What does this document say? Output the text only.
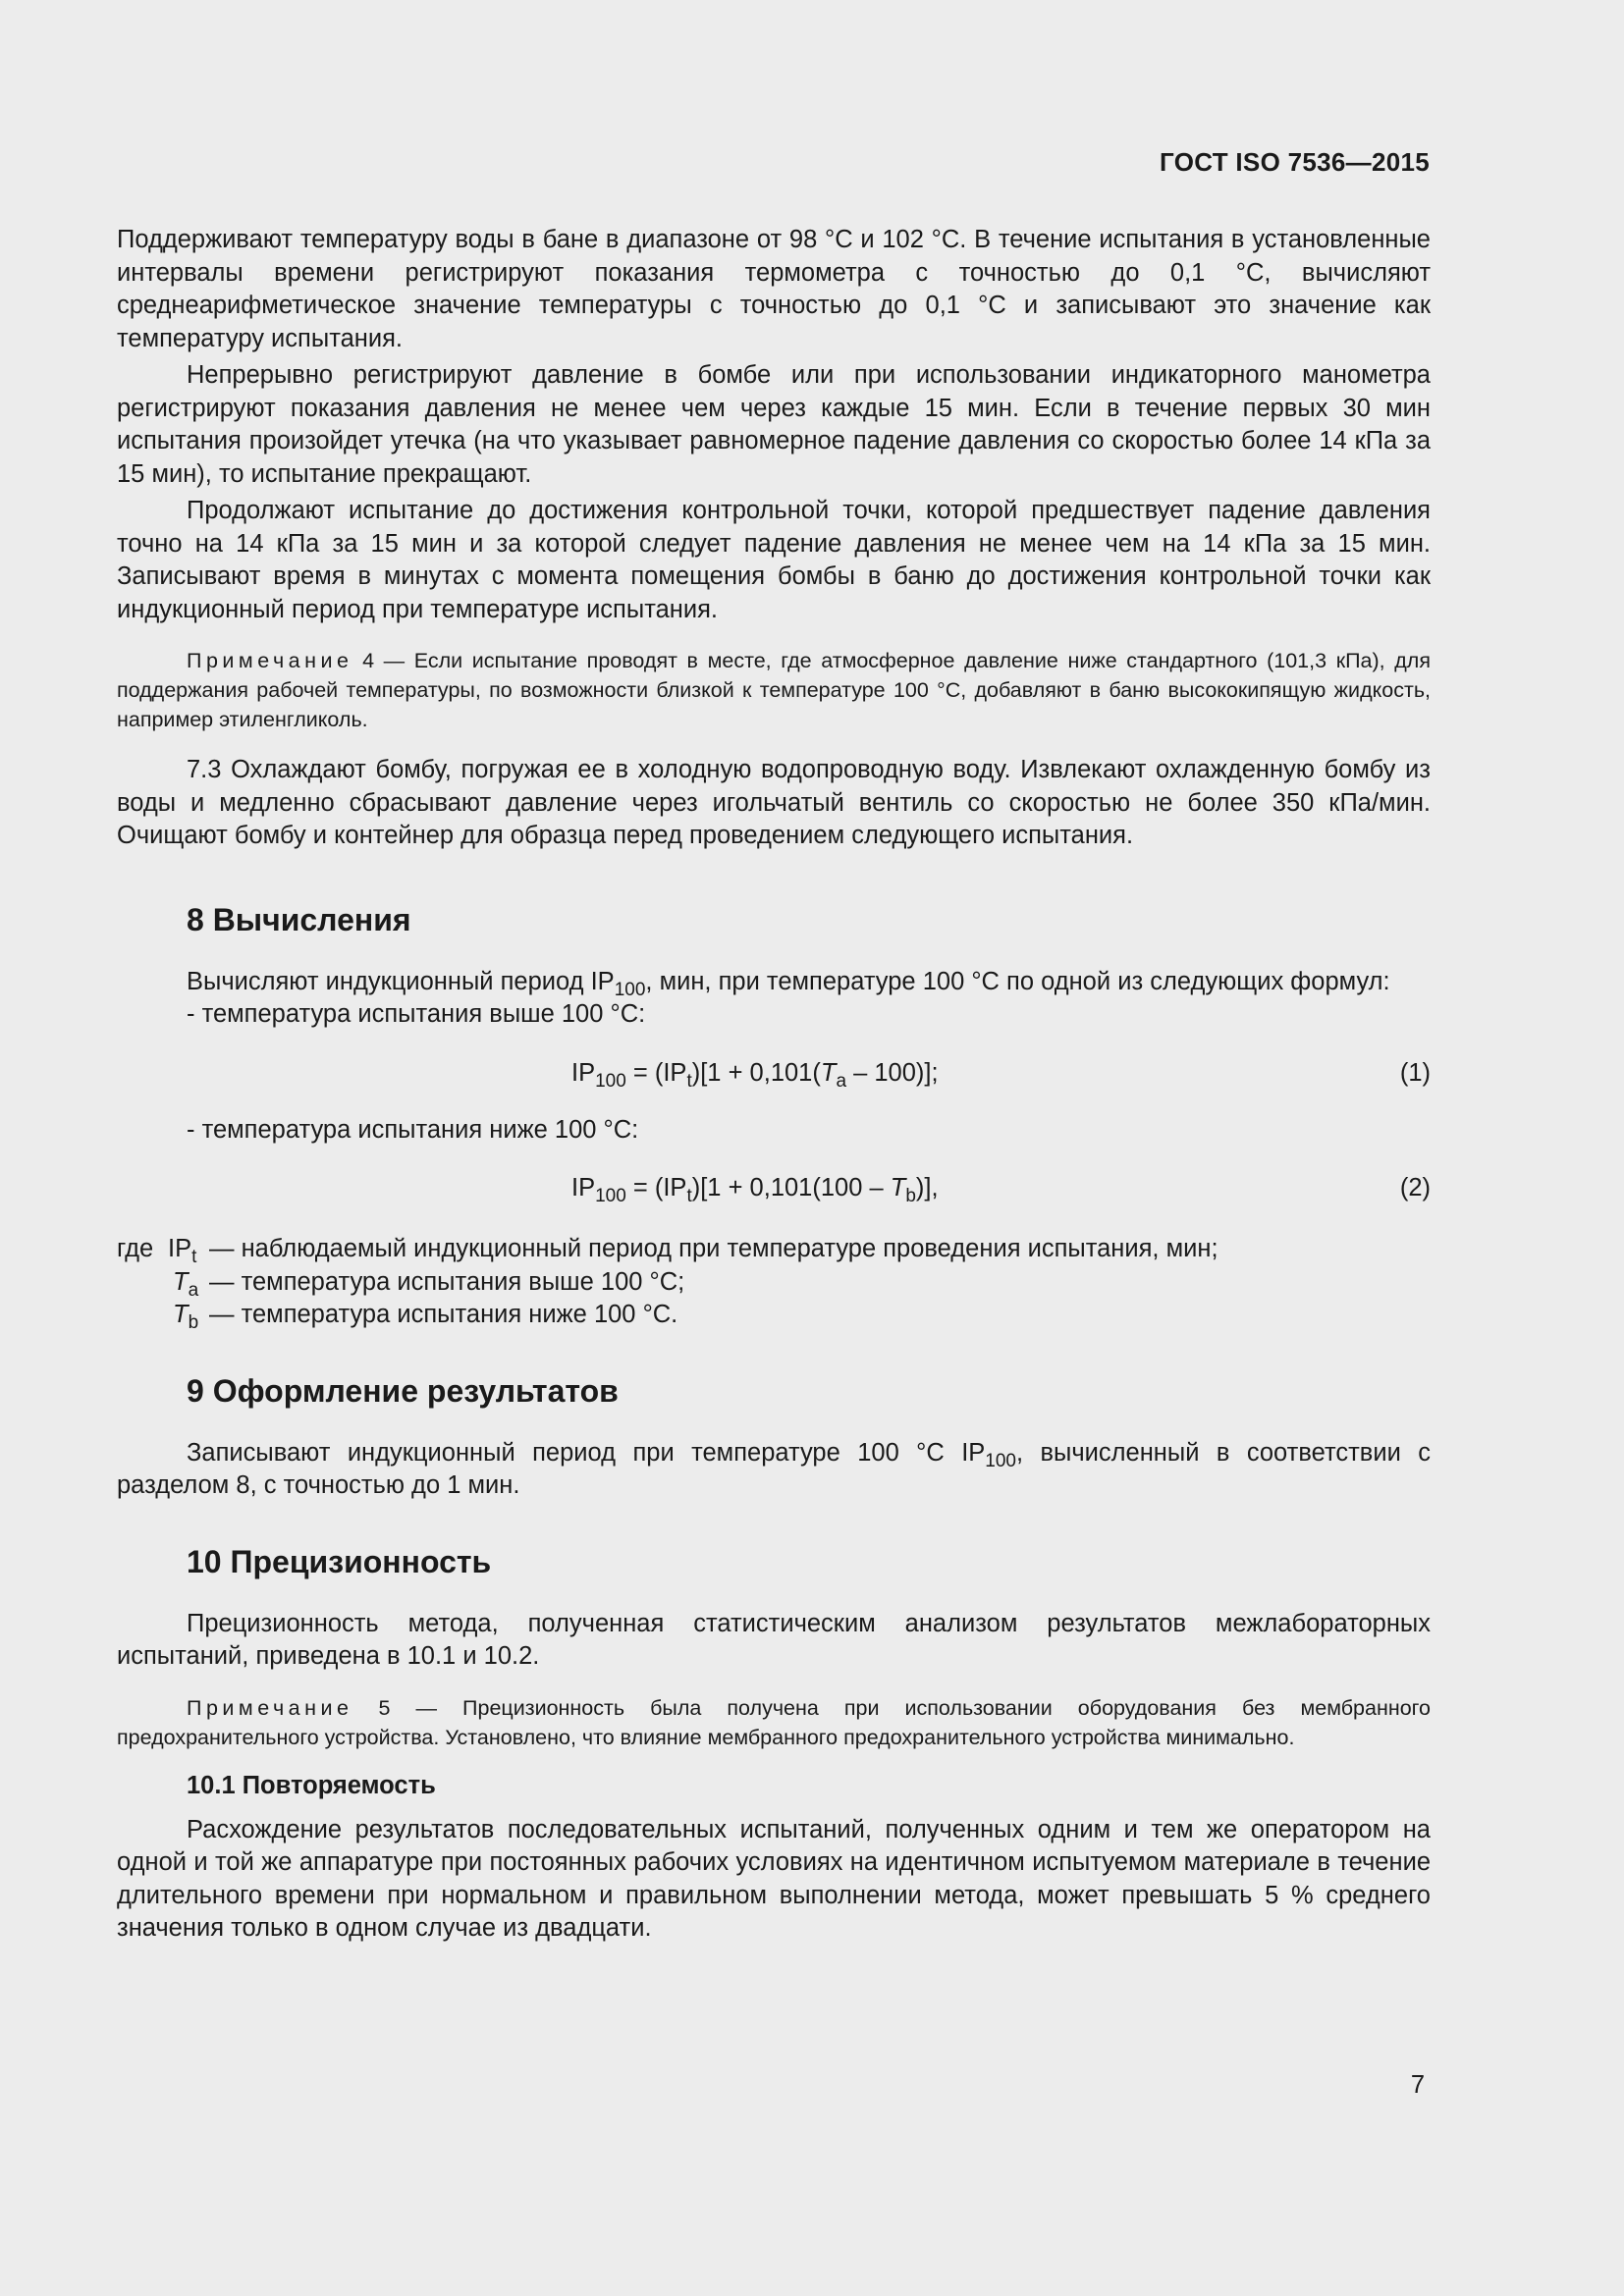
ГОСТ ISO 7536—2015

Поддерживают температуру воды в бане в диапазоне от 98 °С и 102 °С. В течение испытания в установленные интервалы времени регистрируют показания термометра с точностью до 0,1 °С, вычисляют среднеарифметическое значение температуры с точностью до 0,1 °С и записывают это значение как температуру испытания.

Непрерывно регистрируют давление в бомбе или при использовании индикаторного манометра регистрируют показания давления не менее чем через каждые 15 мин. Если в течение первых 30 мин испытания произойдет утечка (на что указывает равномерное падение давления со скоростью более 14 кПа за 15 мин), то испытание прекращают.

Продолжают испытание до достижения контрольной точки, которой предшествует падение давления точно на 14 кПа за 15 мин и за которой следует падение давления не менее чем на 14 кПа за 15 мин. Записывают время в минутах с момента помещения бомбы в баню до достижения контрольной точки как индукционный период при температуре испытания.

Примечание 4 — Если испытание проводят в месте, где атмосферное давление ниже стандартного (101,3 кПа), для поддержания рабочей температуры, по возможности близкой к температуре 100 °С, добавляют в баню высококипящую жидкость, например этиленгликоль.

7.3 Охлаждают бомбу, погружая ее в холодную водопроводную воду. Извлекают охлажденную бомбу из воды и медленно сбрасывают давление через игольчатый вентиль со скоростью не более 350 кПа/мин. Очищают бомбу и контейнер для образца перед проведением следующего испытания.

8 Вычисления

Вычисляют индукционный период $IP_{100}$, мин, при температуре 100 °С по одной из следующих формул:

- температура испытания выше 100 °С:
$IP_{100} = (IP_t)[1 + 0,101(T_a - 100)]$;	(1)
- температура испытания ниже 100 °С:
$IP_{100} = (IP_t)[1 + 0,101(100 - T_b)]$,	(2)
где $IP_t$ — наблюдаемый индукционный период при температуре проведения испытания, мин;
$T_a$ — температура испытания выше 100 °С;
$T_b$ — температура испытания ниже 100 °С.
9 Оформление результатов

Записывают индукционный период при температуре 100 °С $IP_{100}$, вычисленный в соответствии с разделом 8, с точностью до 1 мин.

10 Прецизионность

Прецизионность метода, полученная статистическим анализом результатов межлабораторных испытаний, приведена в 10.1 и 10.2.

Примечание 5 — Прецизионность была получена при использовании оборудования без мембранного предохранительного устройства. Установлено, что влияние мембранного предохранительного устройства минимально.
10.1 Повторяемость

Расхождение результатов последовательных испытаний, полученных одним и тем же оператором на одной и той же аппаратуре при постоянных рабочих условиях на идентичном испытуемом материале в течение длительного времени при нормальном и правильном выполнении метода, может превышать 5 % среднего значения только в одном случае из двадцати.

7
